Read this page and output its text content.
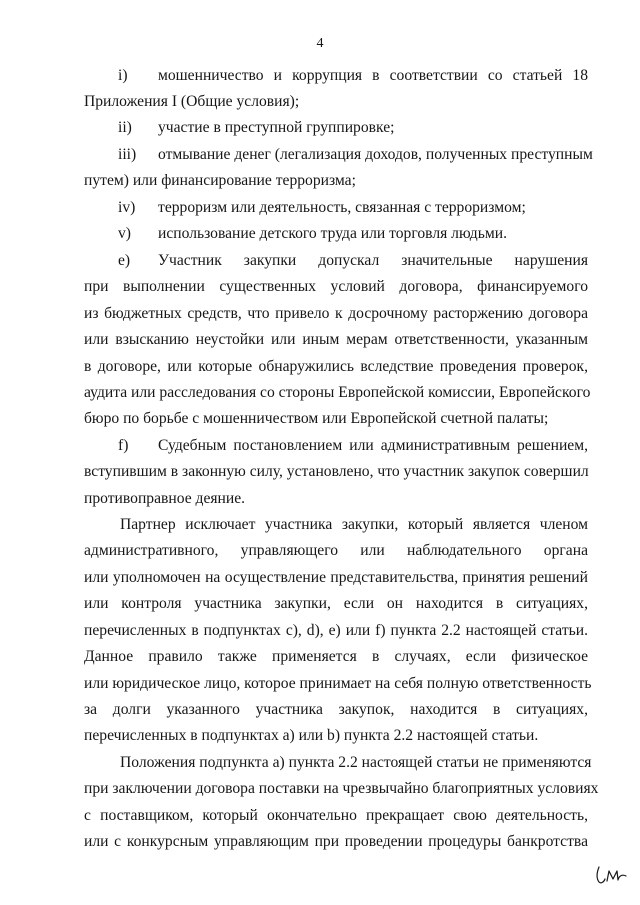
4
i) мошенничество и коррупция в соответствии со статьей 18
Приложения I (Общие условия);
ii) участие в преступной группировке;
iii) отмывание денег (легализация доходов, полученных преступным
путем) или финансирование терроризма;
iv) терроризм или деятельность, связанная с терроризмом;
v) использование детского труда или торговля людьми.
e) Участник закупки допускал значительные нарушения
при выполнении существенных условий договора, финансируемого
из бюджетных средств, что привело к досрочному расторжению договора
или взысканию неустойки или иным мерам ответственности, указанным
в договоре, или которые обнаружились вследствие проведения проверок,
аудита или расследования со стороны Европейской комиссии, Европейского
бюро по борьбе с мошенничеством или Европейской счетной палаты;
f) Судебным постановлением или административным решением,
вступившим в законную силу, установлено, что участник закупок совершил
противоправное деяние.
Партнер исключает участника закупки, который является членом
административного, управляющего или наблюдательного органа
или уполномочен на осуществление представительства, принятия решений
или контроля участника закупки, если он находится в ситуациях,
перечисленных в подпунктах c), d), e) или f) пункта 2.2 настоящей статьи.
Данное правило также применяется в случаях, если физическое
или юридическое лицо, которое принимает на себя полную ответственность
за долги указанного участника закупок, находится в ситуациях,
перечисленных в подпунктах а) или b) пункта 2.2 настоящей статьи.
Положения подпункта а) пункта 2.2 настоящей статьи не применяются
при заключении договора поставки на чрезвычайно благоприятных условиях
с поставщиком, который окончательно прекращает свою деятельность,
или с конкурсным управляющим при проведении процедуры банкротства
